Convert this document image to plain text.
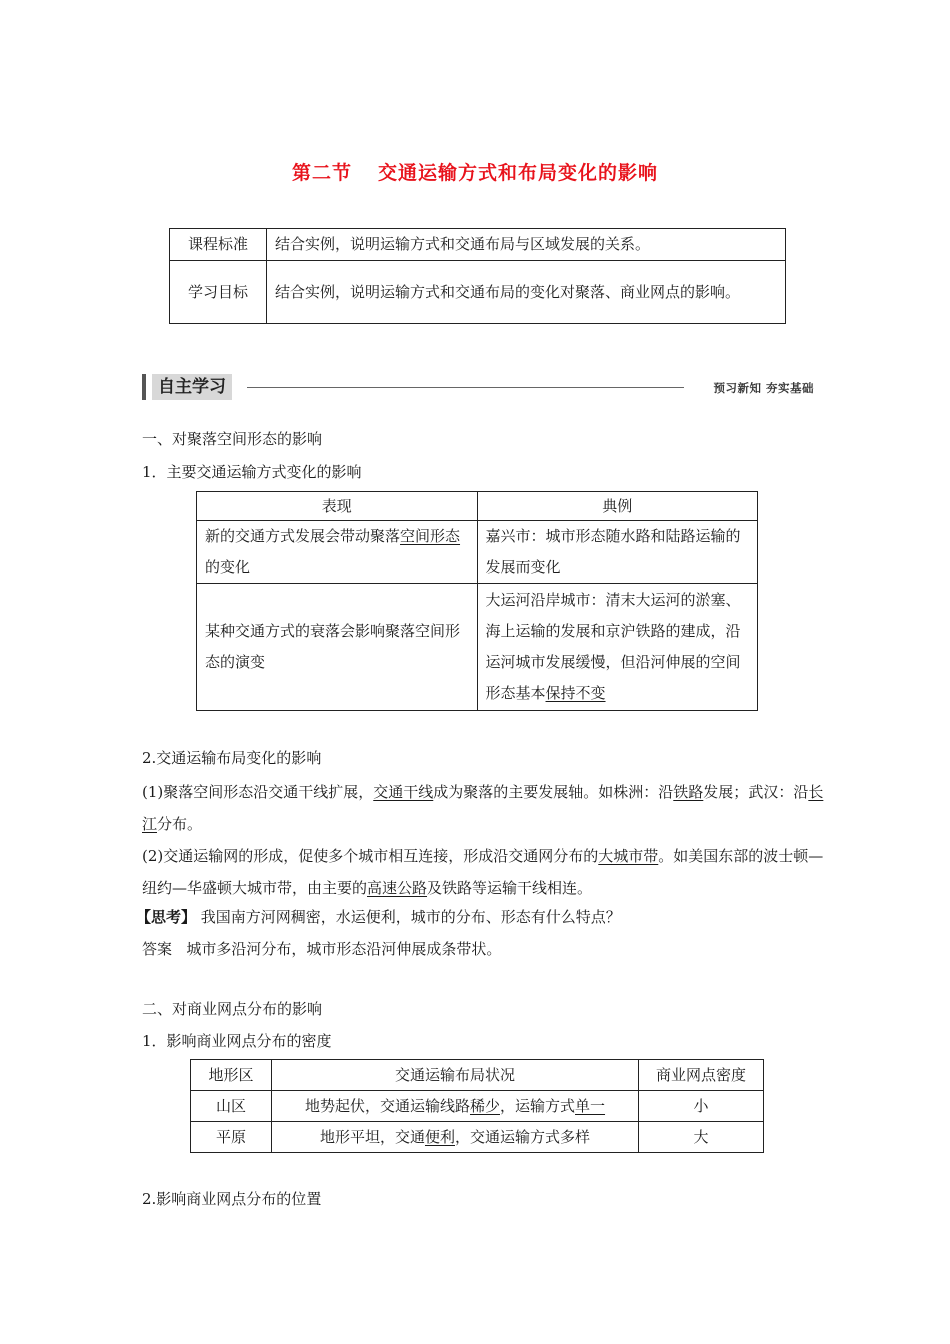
第二节 交通运输方式和布局变化的影响
课程标准	结合实例，说明运输方式和交通布局与区域发展的关系。
学习目标	结合实例，说明运输方式和交通布局的变化对聚落、商业网点的影响。
自主学习	预习新知 夯实基础
一、对聚落空间形态的影响
1．主要交通运输方式变化的影响
表现	典例
新的交通方式发展会带动聚落空间形态的变化	嘉兴市：城市形态随水路和陆路运输的发展而变化
某种交通方式的衰落会影响聚落空间形态的演变	大运河沿岸城市：清末大运河的淤塞、海上运输的发展和京沪铁路的建成，沿运河城市发展缓慢，但沿河伸展的空间形态基本保持不变
2.交通运输布局变化的影响
(1)聚落空间形态沿交通干线扩展，交通干线成为聚落的主要发展轴。如株洲：沿铁路发展；武汉：沿长江分布。
(2)交通运输网的形成，促使多个城市相互连接，形成沿交通网分布的大城市带。如美国东部的波士顿—纽约—华盛顿大城市带，由主要的高速公路及铁路等运输干线相连。
【思考】 我国南方河网稠密，水运便利，城市的分布、形态有什么特点？
答案 城市多沿河分布，城市形态沿河伸展成条带状。
二、对商业网点分布的影响
1．影响商业网点分布的密度
地形区	交通运输布局状况	商业网点密度
山区	地势起伏，交通运输线路稀少，运输方式单一	小
平原	地形平坦，交通便利，交通运输方式多样	大
2.影响商业网点分布的位置
